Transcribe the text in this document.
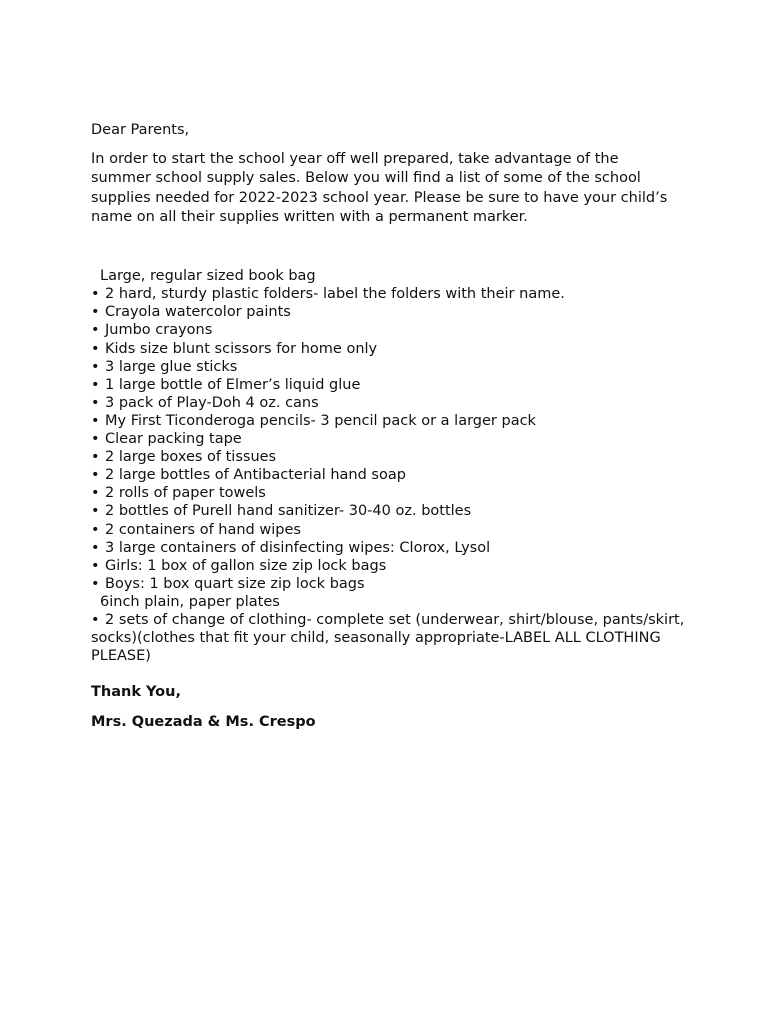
Dear Parents,

In order to start the school year off well prepared, take advantage of the summer school supply sales. Below you will find a list of some of the school supplies needed for 2022-2023 school year. Please be sure to have your child’s name on all their supplies written with a permanent marker.

Large, regular sized book bag
• 2 hard, sturdy plastic folders- label the folders with their name.
• Crayola watercolor paints
• Jumbo crayons
• Kids size blunt scissors for home only
• 3 large glue sticks
• 1 large bottle of Elmer’s liquid glue
• 3 pack of Play-Doh 4 oz. cans
• My First Ticonderoga pencils- 3 pencil pack or a larger pack
• Clear packing tape
• 2 large boxes of tissues
• 2 large bottles of Antibacterial hand soap
• 2 rolls of paper towels
• 2 bottles of Purell hand sanitizer- 30-40 oz. bottles
• 2 containers of hand wipes
• 3 large containers of disinfecting wipes: Clorox, Lysol
• Girls: 1 box of gallon size zip lock bags
• Boys: 1 box quart size zip lock bags
6inch plain, paper plates
• 2 sets of change of clothing- complete set (underwear, shirt/blouse, pants/skirt, socks)(clothes that fit your child, seasonally appropriate-LABEL ALL CLOTHING PLEASE)

Thank You,

Mrs. Quezada & Ms. Crespo
